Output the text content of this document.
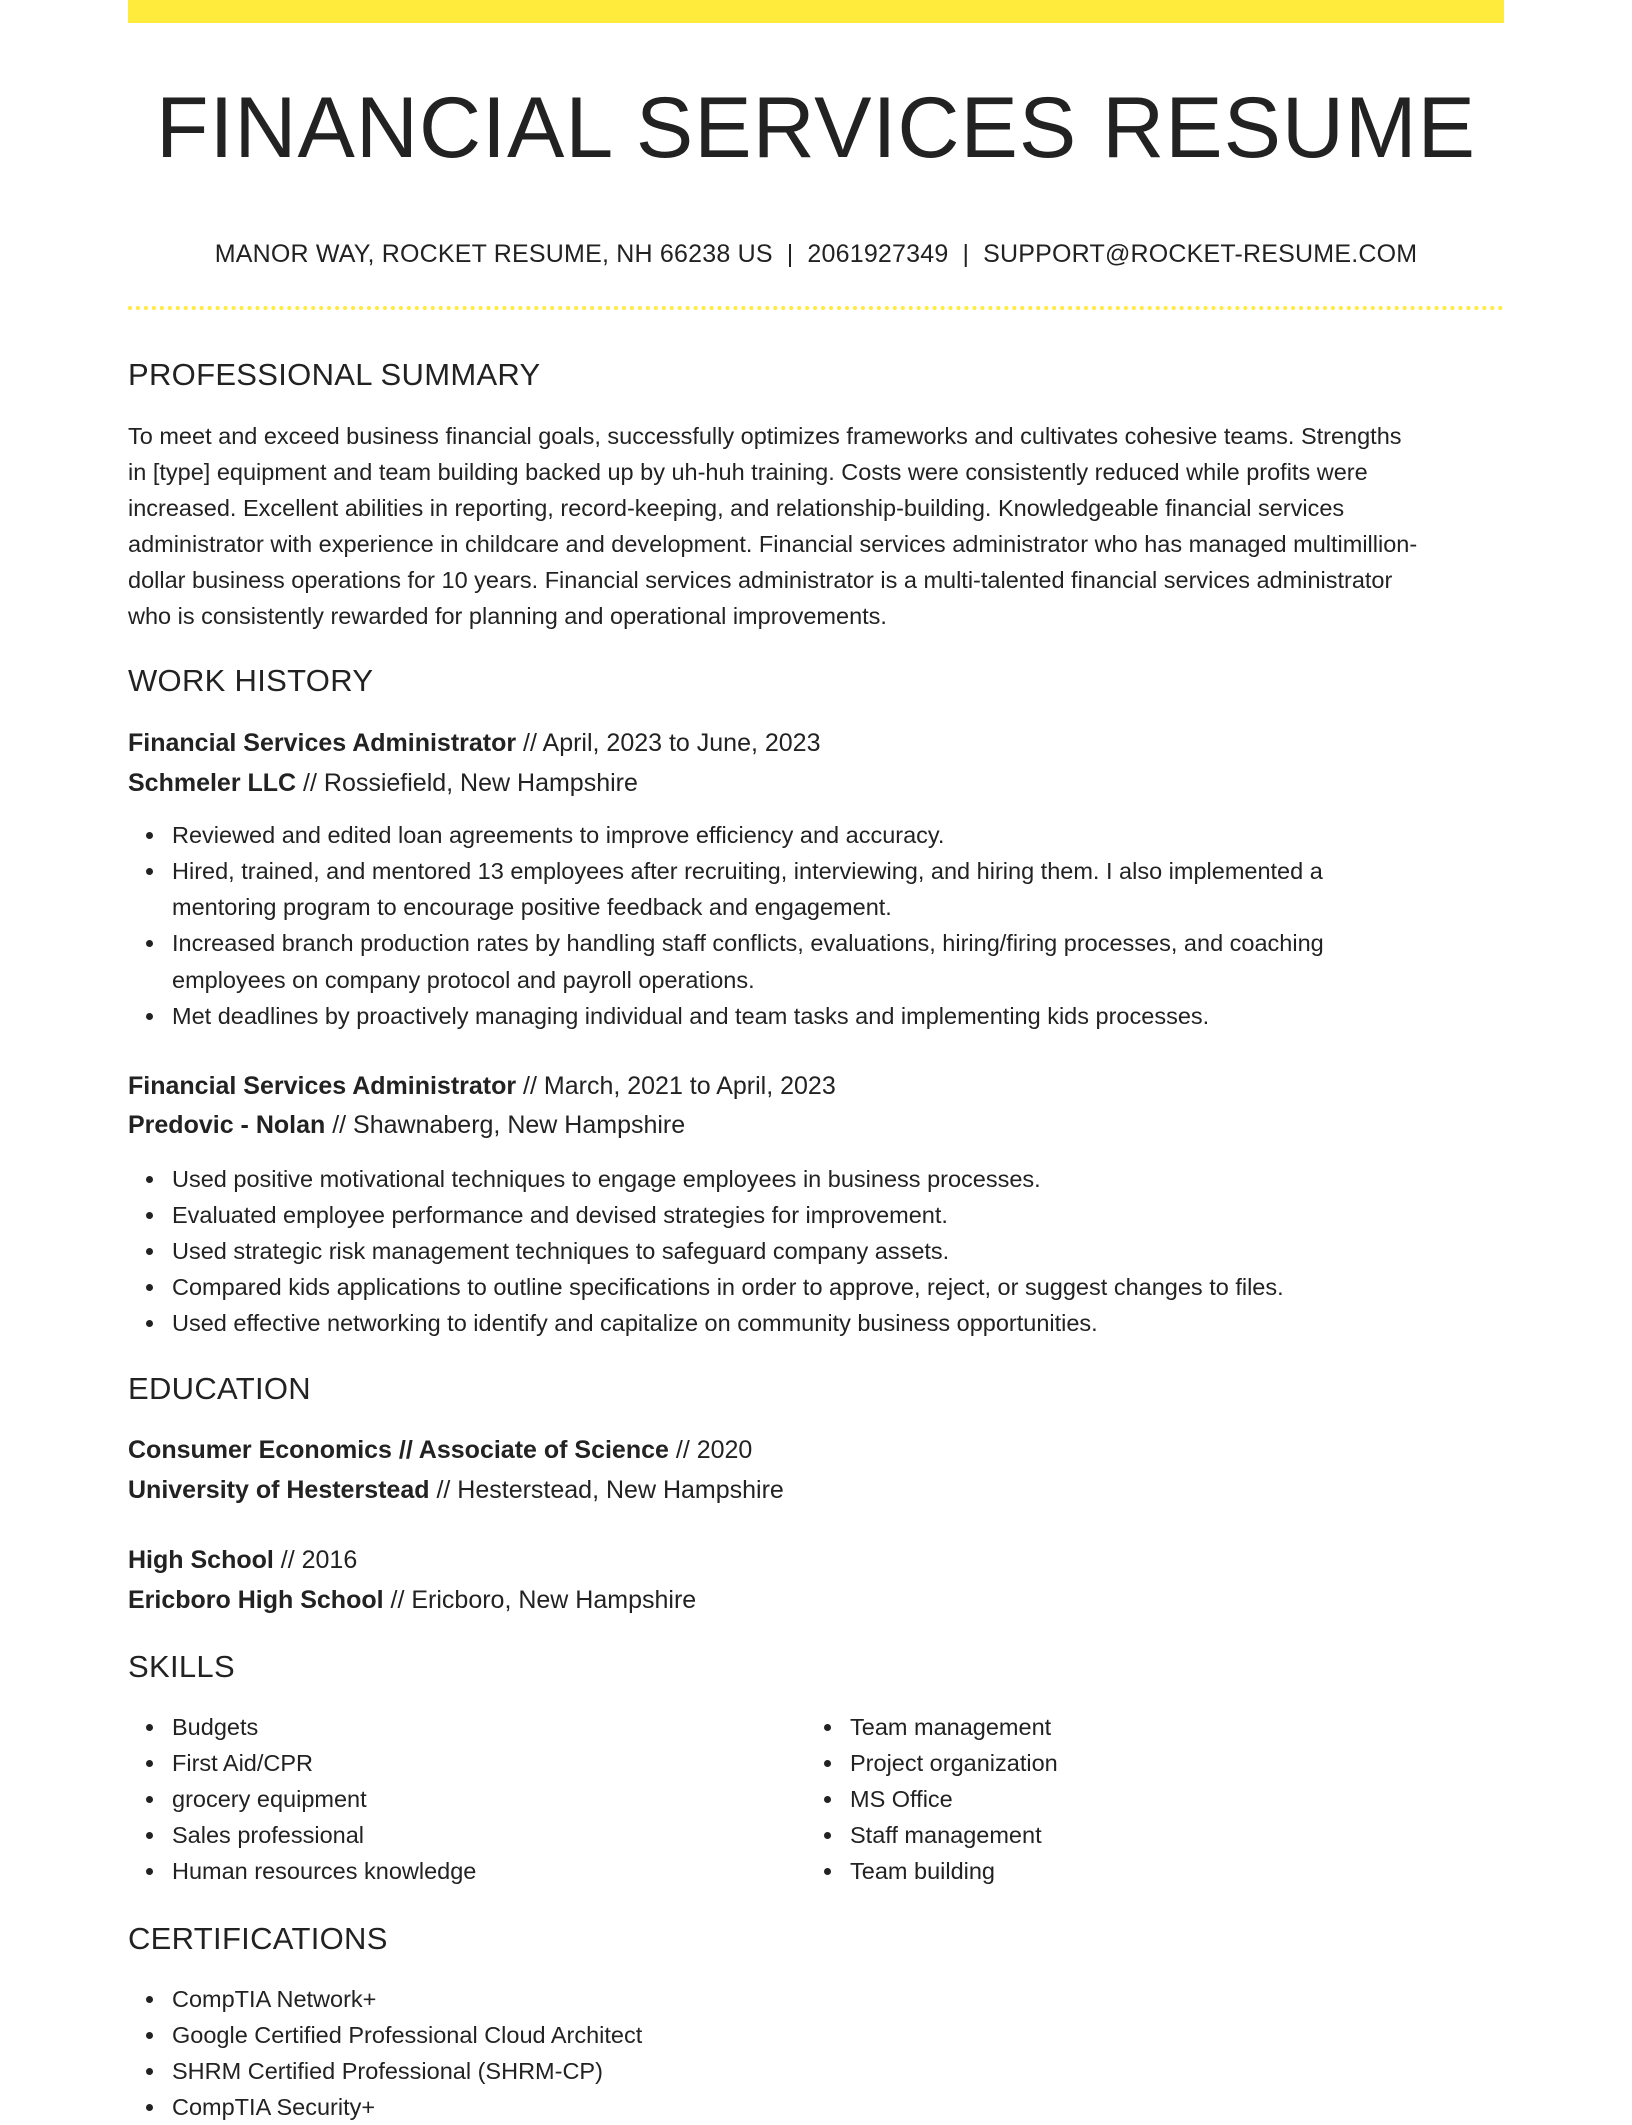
FINANCIAL SERVICES RESUME
MANOR WAY, ROCKET RESUME, NH 66238 US | 2061927349 | SUPPORT@ROCKET-RESUME.COM
PROFESSIONAL SUMMARY
To meet and exceed business financial goals, successfully optimizes frameworks and cultivates cohesive teams. Strengths
in [type] equipment and team building backed up by uh-huh training. Costs were consistently reduced while profits were
increased. Excellent abilities in reporting, record-keeping, and relationship-building. Knowledgeable financial services
administrator with experience in childcare and development. Financial services administrator who has managed multimillion-
dollar business operations for 10 years. Financial services administrator is a multi-talented financial services administrator
who is consistently rewarded for planning and operational improvements.
WORK HISTORY
Financial Services Administrator // April, 2023 to June, 2023
Schmeler LLC // Rossiefield, New Hampshire
Reviewed and edited loan agreements to improve efficiency and accuracy.
Hired, trained, and mentored 13 employees after recruiting, interviewing, and hiring them. I also implemented a
mentoring program to encourage positive feedback and engagement.
Increased branch production rates by handling staff conflicts, evaluations, hiring/firing processes, and coaching
employees on company protocol and payroll operations.
Met deadlines by proactively managing individual and team tasks and implementing kids processes.
Financial Services Administrator // March, 2021 to April, 2023
Predovic - Nolan // Shawnaberg, New Hampshire
Used positive motivational techniques to engage employees in business processes.
Evaluated employee performance and devised strategies for improvement.
Used strategic risk management techniques to safeguard company assets.
Compared kids applications to outline specifications in order to approve, reject, or suggest changes to files.
Used effective networking to identify and capitalize on community business opportunities.
EDUCATION
Consumer Economics // Associate of Science // 2020
University of Hesterstead // Hesterstead, New Hampshire
High School // 2016
Ericboro High School // Ericboro, New Hampshire
SKILLS
Budgets
First Aid/CPR
grocery equipment
Sales professional
Human resources knowledge
Team management
Project organization
MS Office
Staff management
Team building
CERTIFICATIONS
CompTIA Network+
Google Certified Professional Cloud Architect
SHRM Certified Professional (SHRM-CP)
CompTIA Security+
